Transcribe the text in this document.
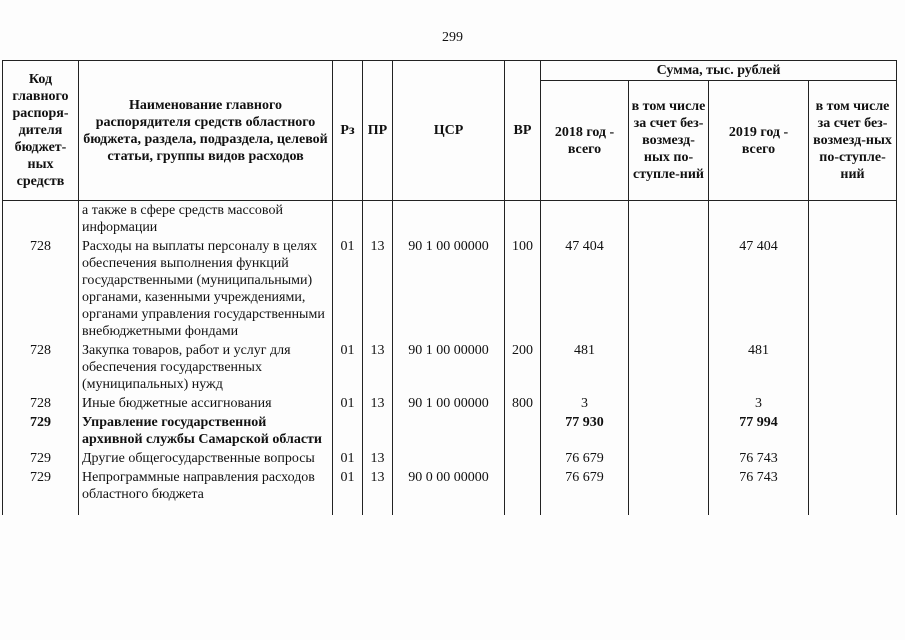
299
Код главного распоря-дителя бюджет-ных средств	Наименование главного распорядителя средств областного бюджета, раздела, подраздела, целевой статьи, группы видов расходов	Рз	ПР	ЦСР	ВР	Сумма, тыс. рублей			
						2018 год - всего	в том числе за счет без-возмезд-ных по-ступле-ний	2019 год - всего	в том числе за счет без-возмезд-ных по-ступле-ний
	а также в сфере средств массовой информации								
728	Расходы на выплаты персоналу в целях обеспечения выполнения функций государственными (муниципальными) органами, казенными учреждениями, органами управления государственными внебюджетными фондами	01	13	90 1 00 00000	100	47 404		47 404	
728	Закупка товаров, работ и услуг для обеспечения государственных (муниципальных) нужд	01	13	90 1 00 00000	200	481		481	
728	Иные бюджетные ассигнования	01	13	90 1 00 00000	800	3		3	
729	Управление государственной архивной службы Самарской области					77 930		77 994	
729	Другие общегосударственные вопросы	01	13			76 679		76 743	
729	Непрограммные направления расходов областного бюджета	01	13	90 0 00 00000		76 679		76 743	
